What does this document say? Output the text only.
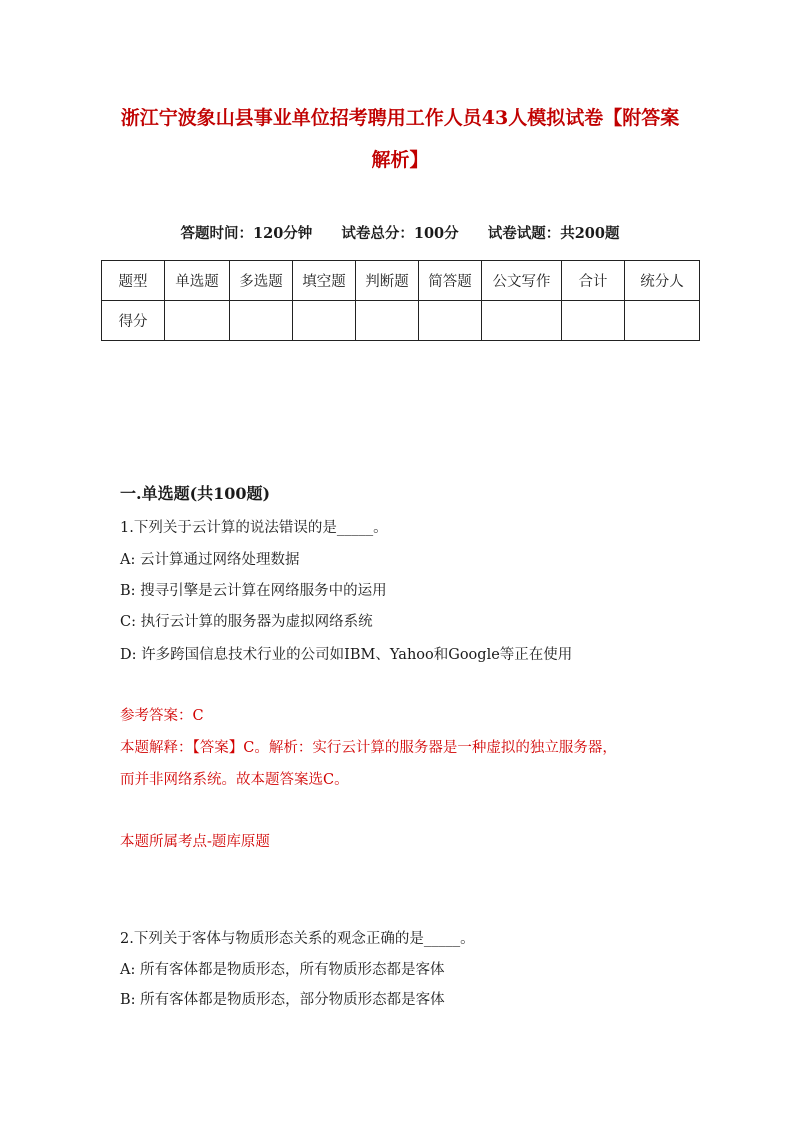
浙江宁波象山县事业单位招考聘用工作人员43人模拟试卷【附答案
解析】
答题时间：120分钟 试卷总分：100分 试卷试题：共200题
题型	单选题	多选题	填空题	判断题	简答题	公文写作	合计	统分人
得分								
一.单选题(共100题)
1.下列关于云计算的说法错误的是_____。
A: 云计算通过网络处理数据
B: 搜寻引擎是云计算在网络服务中的运用
C: 执行云计算的服务器为虚拟网络系统
D: 许多跨国信息技术行业的公司如IBM、Yahoo和Google等正在使用
参考答案：C
本题解释：【答案】C。解析：实行云计算的服务器是一种虚拟的独立服务器，
而并非网络系统。故本题答案选C。
本题所属考点-题库原题
2.下列关于客体与物质形态关系的观念正确的是_____。
A: 所有客体都是物质形态，所有物质形态都是客体
B: 所有客体都是物质形态，部分物质形态都是客体
